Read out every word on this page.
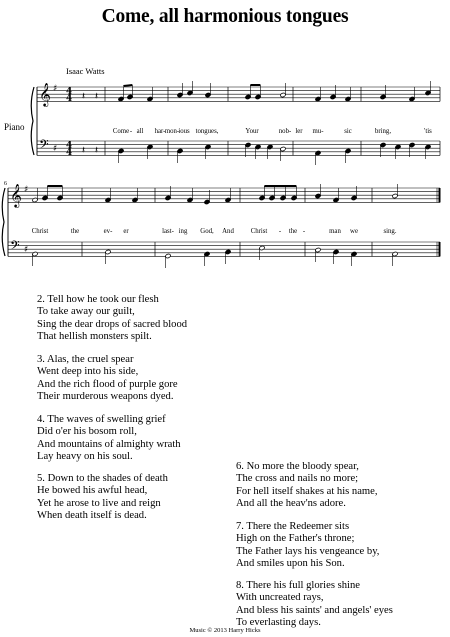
Come, all harmonious tongues
Isaac Watts
Piano
6
𝄞
𝄢
♯
♯
𝄞
𝄢
♯
♯
4
4
4
4
𝄽 𝄽
𝄽 𝄽
Come - all har- mon- ious tongues,	Your	nob- ler mu-	sic	bring,	'tis
Christ	the	ev- er	last- ing God, And Christ - the -	man we	sing.
2. Tell how he took our flesh
To take away our guilt,
Sing the dear drops of sacred blood
That hellish monsters spilt.
3. Alas, the cruel spear
Went deep into his side,
And the rich flood of purple gore
Their murderous weapons dyed.
4. The waves of swelling grief
Did o'er his bosom roll,
And mountains of almighty wrath
Lay heavy on his soul.
5. Down to the shades of death
He bowed his awful head,
Yet he arose to live and reign
When death itself is dead.
6. No more the bloody spear,
The cross and nails no more;
For hell itself shakes at his name,
And all the heav'ns adore.
7. There the Redeemer sits
High on the Father's throne;
The Father lays his vengeance by,
And smiles upon his Son.
8. There his full glories shine
With uncreated rays,
And bless his saints' and angels' eyes
To everlasting days.
Music © 2013 Harry Hicks
